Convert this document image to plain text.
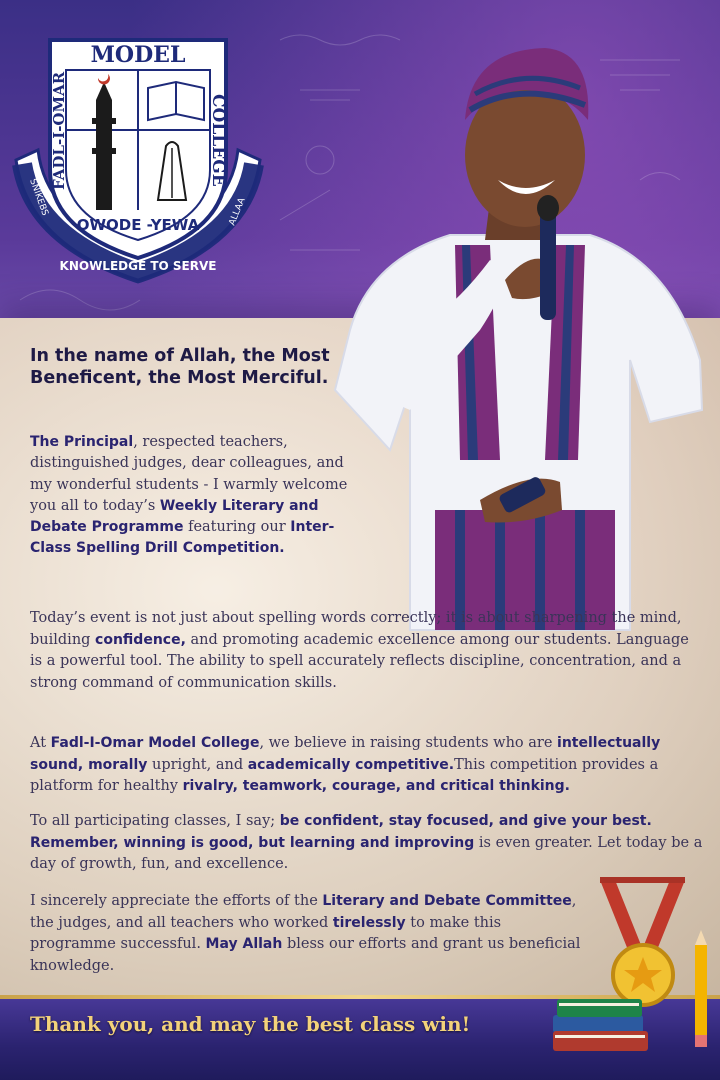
MODEL
FADL-I-OMAR	COLLEGE
OWODE -YEWA
SNIKEBS	ALLAA
KNOWLEDGE TO SERVE
In the name of Allah, the Most Beneficent, the Most Merciful.
The Principal, respected teachers, distinguished judges, dear colleagues, and my wonderful students - I warmly welcome you all to today’s Weekly Literary and Debate Programme featuring our Inter-Class Spelling Drill Competition.
Today’s event is not just about spelling words correctly; it is about sharpening the mind, building confidence, and promoting academic excellence among our students. Language is a powerful tool. The ability to spell accurately reflects discipline, concentration, and a strong command of communication skills.
At Fadl-I-Omar Model College, we believe in raising students who are intellectually sound, morally upright, and academically competitive.This competition provides a platform for healthy rivalry, teamwork, courage, and critical thinking.
To all participating classes, I say; be confident, stay focused, and give your best.
Remember, winning is good, but learning and improving is even greater. Let today be a day of growth, fun, and excellence.
I sincerely appreciate the efforts of the Literary and Debate Committee, the judges, and all teachers who worked tirelessly to make this programme successful. May Allah bless our efforts and grant us beneficial knowledge.
Thank you, and may the best class win!
